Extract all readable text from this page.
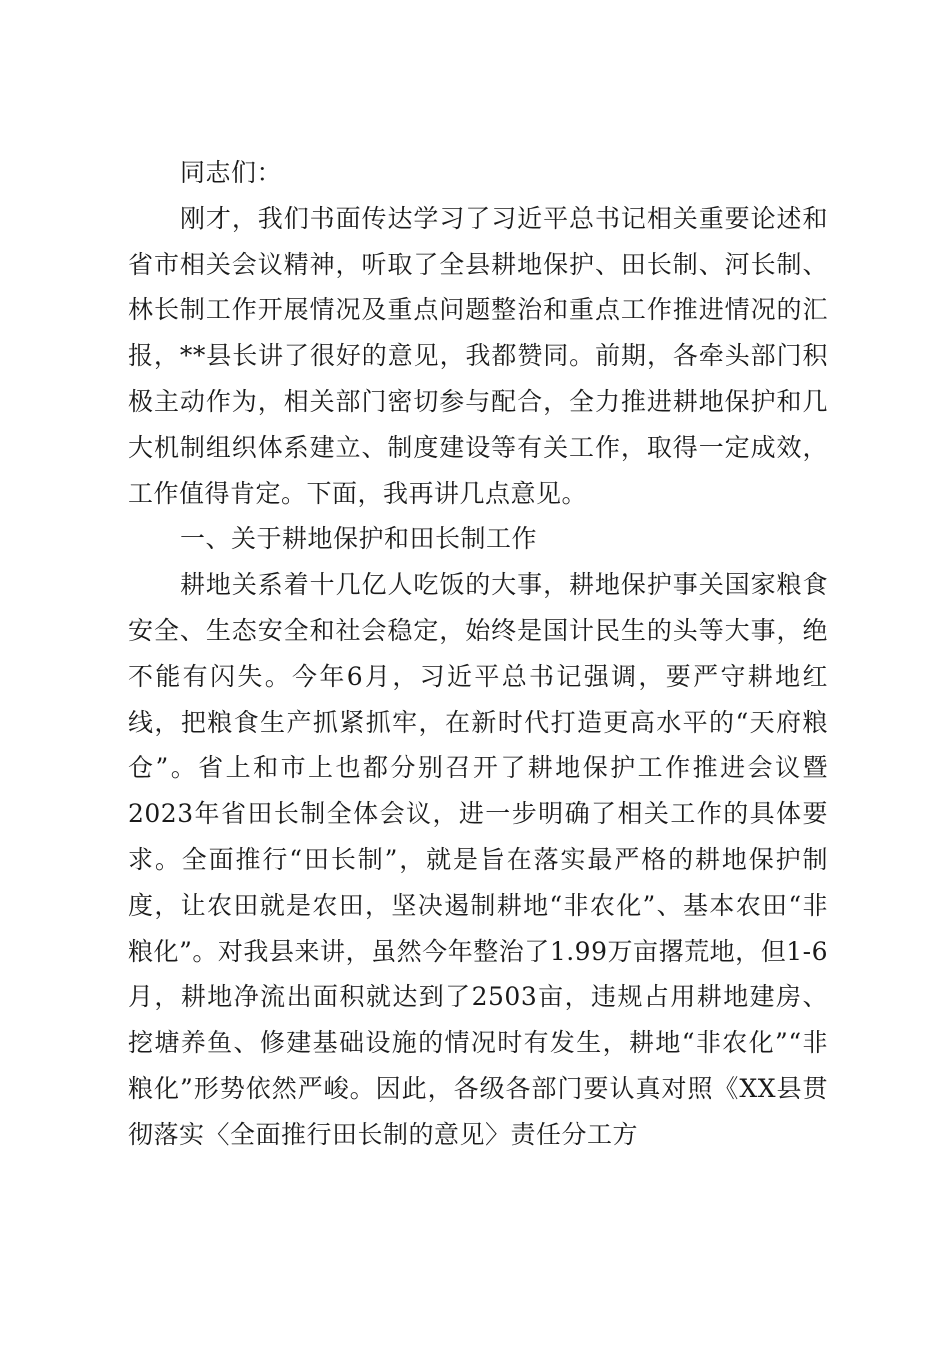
同志们：

刚才，我们书面传达学习了习近平总书记相关重要论述和省市相关会议精神，听取了全县耕地保护、田长制、河长制、林长制工作开展情况及重点问题整治和重点工作推进情况的汇报，**县长讲了很好的意见，我都赞同。前期，各牵头部门积极主动作为，相关部门密切参与配合，全力推进耕地保护和几大机制组织体系建立、制度建设等有关工作，取得一定成效，工作值得肯定。下面，我再讲几点意见。

一、关于耕地保护和田长制工作

耕地关系着十几亿人吃饭的大事，耕地保护事关国家粮食安全、生态安全和社会稳定，始终是国计民生的头等大事，绝不能有闪失。今年6月，习近平总书记强调，要严守耕地红线，把粮食生产抓紧抓牢，在新时代打造更高水平的“天府粮仓”。省上和市上也都分别召开了耕地保护工作推进会议暨2023年省田长制全体会议，进一步明确了相关工作的具体要求。全面推行“田长制”，就是旨在落实最严格的耕地保护制度，让农田就是农田，坚决遏制耕地“非农化”、基本农田“非粮化”。对我县来讲，虽然今年整治了1.99万亩撂荒地，但1-6月，耕地净流出面积就达到了2503亩，违规占用耕地建房、挖塘养鱼、修建基础设施的情况时有发生，耕地“非农化”“非粮化”形势依然严峻。因此，各级各部门要认真对照《XX县贯彻落实〈全面推行田长制的意见〉责任分工方
